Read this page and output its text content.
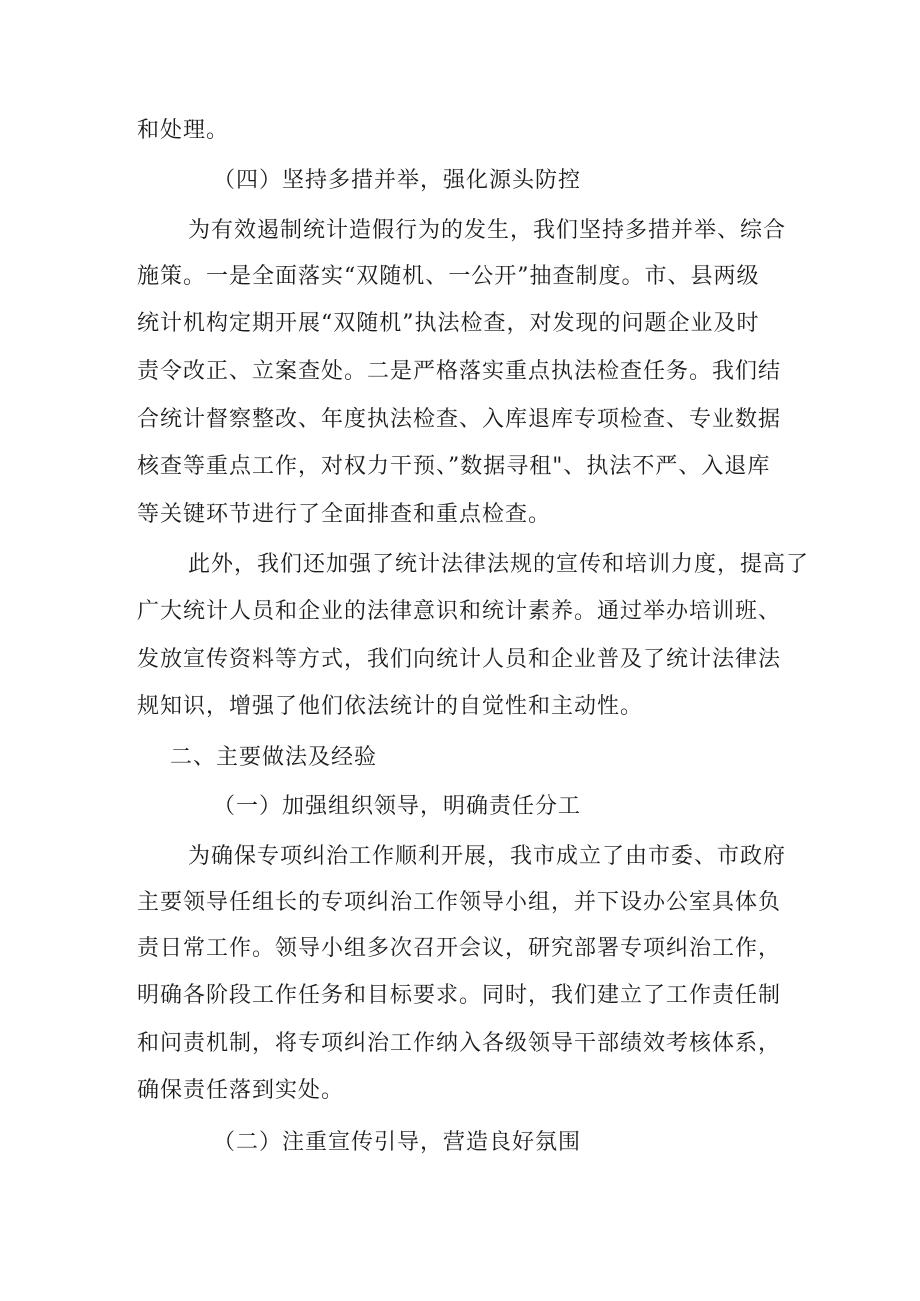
和处理。
（四）坚持多措并举，强化源头防控
为有效遏制统计造假行为的发生，我们坚持多措并举、综合
施策。一是全面落实“双随机、一公开”抽查制度。市、县两级
统计机构定期开展“双随机”执法检查，对发现的问题企业及时
责令改正、立案查处。二是严格落实重点执法检查任务。我们结
合统计督察整改、年度执法检查、入库退库专项检查、专业数据
核查等重点工作，对权力干预、”数据寻租"、执法不严、入退库
等关键环节进行了全面排查和重点检查。
此外，我们还加强了统计法律法规的宣传和培训力度，提高了
广大统计人员和企业的法律意识和统计素养。通过举办培训班、
发放宣传资料等方式，我们向统计人员和企业普及了统计法律法
规知识，增强了他们依法统计的自觉性和主动性。
二、主要做法及经验
（一）加强组织领导，明确责任分工
为确保专项纠治工作顺利开展，我市成立了由市委、市政府
主要领导任组长的专项纠治工作领导小组，并下设办公室具体负
责日常工作。领导小组多次召开会议，研究部署专项纠治工作，
明确各阶段工作任务和目标要求。同时，我们建立了工作责任制
和问责机制，将专项纠治工作纳入各级领导干部绩效考核体系，
确保责任落到实处。
（二）注重宣传引导，营造良好氛围
